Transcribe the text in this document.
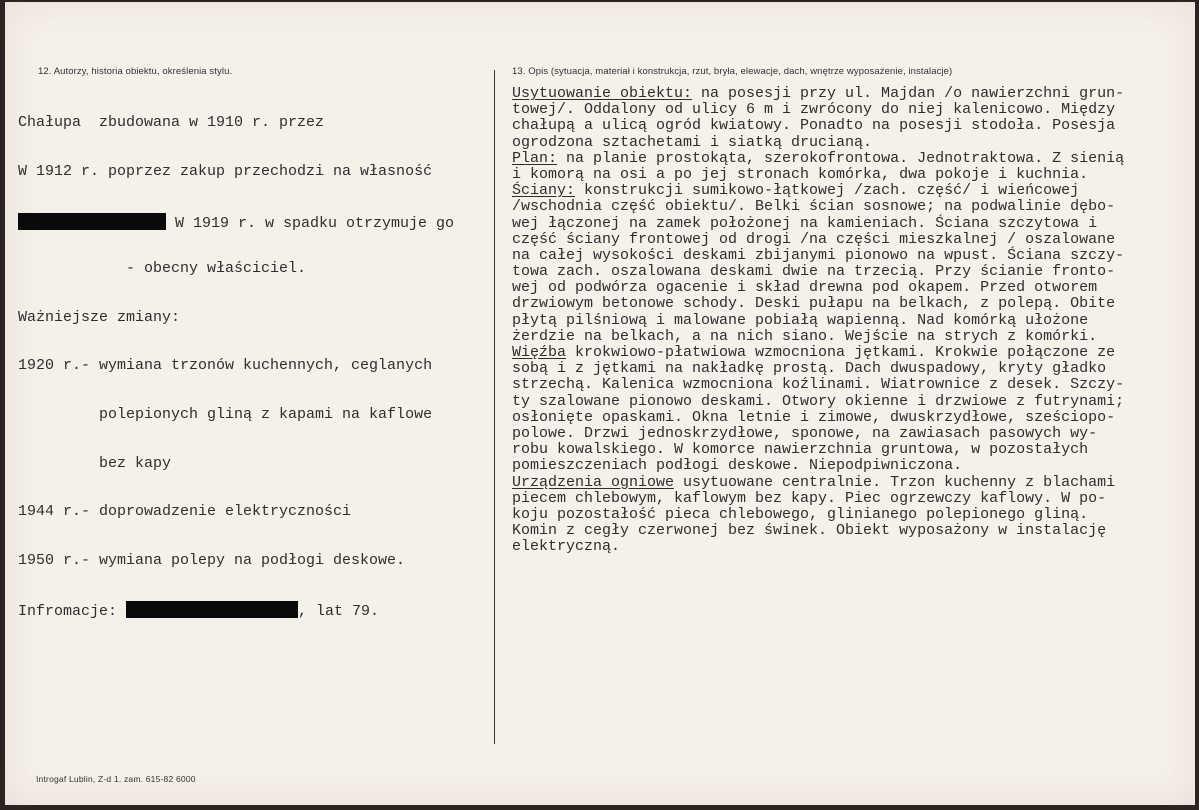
12. Autorzy, historia obiektu, określenia stylu.	13. Opis (sytuacja, materiał i konstrukcja, rzut, bryła, elewacje, dach, wnętrze wyposażenie, instalacje)

Chałupa  zbudowana w 1910 r. przez

W 1912 r. poprzez zakup przechodzi na własność

W 1919 r. w spadku otrzymuje go

- obecny właściciel.

Ważniejsze zmiany:

1920 r.- wymiana trzonów kuchennych, ceglanych

polepionych gliną z kapami na kaflowe

bez kapy

1944 r.- doprowadzenie elektryczności

1950 r.- wymiana polepy na podłogi deskowe.

Infromacje:	, lat 79.

Usytuowanie obiektu: na posesji przy ul. Majdan /o nawierzchni grun-
towej/. Oddalony od ulicy 6 m i zwrócony do niej kalenicowo. Między
chałupą a ulicą ogród kwiatowy. Ponadto na posesji stodoła. Posesja
ogrodzona sztachetami i siatką drucianą.
Plan: na planie prostokąta, szerokofrontowa. Jednotraktowa. Z sienią
i komorą na osi a po jej stronach komórka, dwa pokoje i kuchnia.
Ściany: konstrukcji sumikowo-łątkowej /zach. część/ i wieńcowej
/wschodnia część obiektu/. Belki ścian sosnowe; na podwalinie dębo-
wej łączonej na zamek położonej na kamieniach. Ściana szczytowa i
część ściany frontowej od drogi /na części mieszkalnej / oszalowane
na całej wysokości deskami zbijanymi pionowo na wpust. Ściana szczy-
towa zach. oszalowana deskami dwie na trzecią. Przy ścianie fronto-
wej od podwórza ogacenie i skład drewna pod okapem. Przed otworem
drzwiowym betonowe schody. Deski pułapu na belkach, z polepą. Obite
płytą pilśniową i malowane pobiałą wapienną. Nad komórką ułożone
żerdzie na belkach, a na nich siano. Wejście na strych z komórki.
Więźba krokwiowo-płatwiowa wzmocniona jętkami. Krokwie połączone ze
sobą i z jętkami na nakładkę prostą. Dach dwuspadowy, kryty gładko
strzechą. Kalenica wzmocniona koźlinami. Wiatrownice z desek. Szczy-
ty szalowane pionowo deskami. Otwory okienne i drzwiowe z futrynami;
osłonięte opaskami. Okna letnie i zimowe, dwuskrzydłowe, sześciopo-
polowe. Drzwi jednoskrzydłowe, sponowe, na zawiasach pasowych wy-
robu kowalskiego. W komorce nawierzchnia gruntowa, w pozostałych
pomieszczeniach podłogi deskowe. Niepodpiwniczona.
Urządzenia ogniowe usytuowane centralnie. Trzon kuchenny z blachami
piecem chlebowym, kaflowym bez kapy. Piec ogrzewczy kaflowy. W po-
koju pozostałość pieca chlebowego, glinianego polepionego gliną.
Komin z cegły czerwonej bez świnek. Obiekt wyposażony w instalację
elektryczną.
Introgaf Lublin, Z-d 1. zam. 615-82 6000
